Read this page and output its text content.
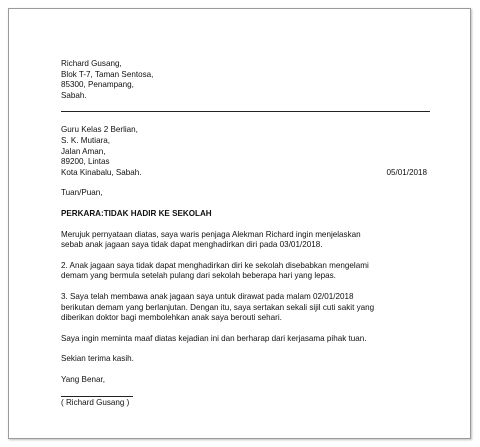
Richard Gusang,
Blok T-7, Taman Sentosa,
85300, Penampang,
Sabah.
Guru Kelas 2 Berlian,
S. K. Mutiara,
Jalan Aman,
89200, Lintas
Kota Kinabalu, Sabah.	05/01/2018
Tuan/Puan,
PERKARA:TIDAK HADIR KE SEKOLAH
Merujuk pernyataan diatas, saya waris penjaga Alekman Richard ingin menjelaskan
sebab anak jagaan saya tidak dapat menghadirkan diri pada 03/01/2018.
2. Anak jagaan saya tidak dapat menghadirkan diri ke sekolah disebabkan mengelami
demam yang bermula setelah pulang dari sekolah beberapa hari yang lepas.
3. Saya telah membawa anak jagaan saya untuk dirawat pada malam 02/01/2018
berikutan demam yang berlanjutan. Dengan itu, saya sertakan sekali sijil cuti sakit yang
diberikan doktor bagi membolehkan anak saya berouti sehari.
Saya ingin meminta maaf diatas kejadian ini dan berharap dari kerjasama pihak tuan.
Sekian terima kasih.
Yang Benar,
( Richard Gusang )
